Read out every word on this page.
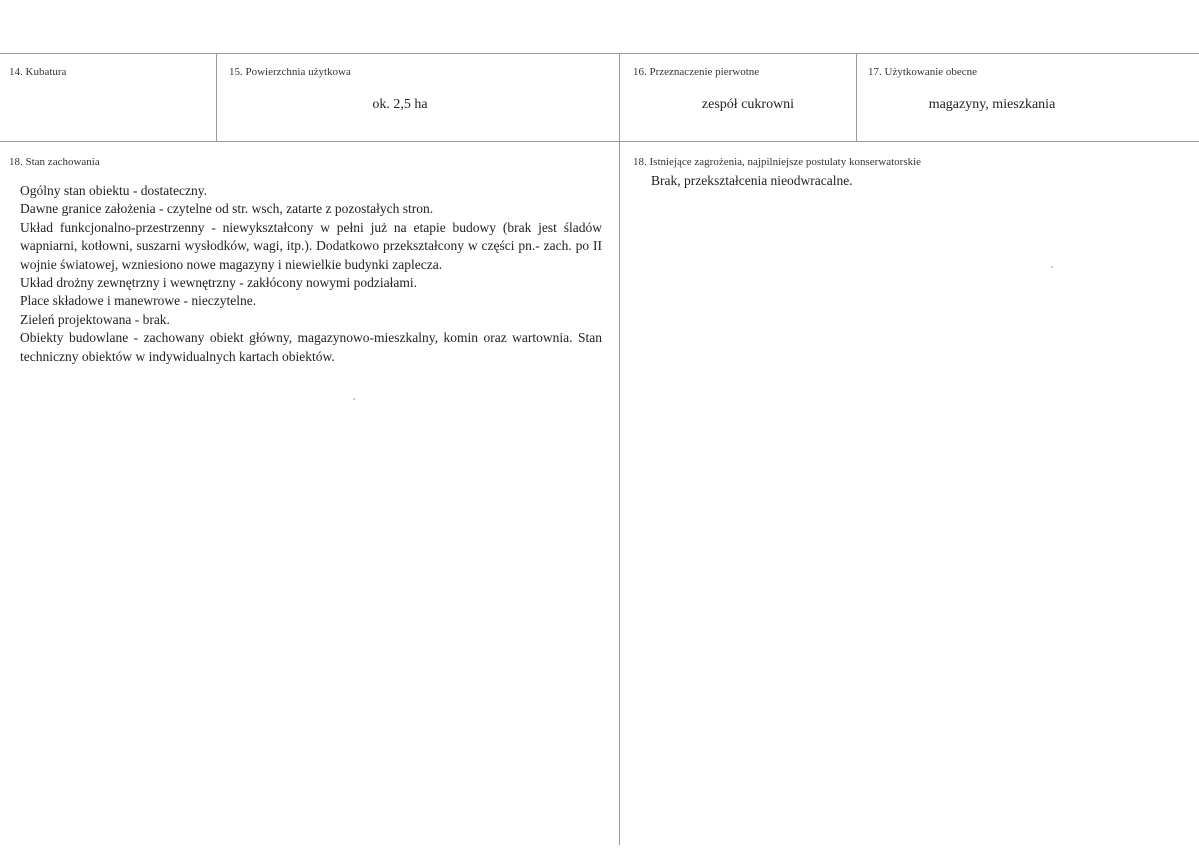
14. Kubatura	15. Powierzchnia użytkowa
ok. 2,5 ha
16. Przeznaczenie pierwotne
zespół cukrowni
17. Użytkowanie obecne
magazyny, mieszkania
18. Stan zachowania

Ogólny stan obiektu - dostateczny.

Dawne granice założenia - czytelne od str. wsch, zatarte z pozostałych stron.

Układ funkcjonalno-przestrzenny - niewykształcony w pełni już na etapie budowy (brak jest śladów wapniarni, kotłowni, suszarni wysłodków, wagi, itp.). Dodatkowo przekształcony w części pn.- zach. po II wojnie światowej, wzniesiono nowe magazyny i niewielkie budynki zaplecza.

Układ drożny zewnętrzny i wewnętrzny - zakłócony nowymi podziałami.

Place składowe i manewrowe - nieczytelne.

Zieleń projektowana - brak.

Obiekty budowlane - zachowany obiekt główny, magazynowo-mieszkalny, komin oraz wartownia. Stan techniczny obiektów w indywidualnych kartach obiektów.

18. Istniejące zagrożenia, najpilniejsze postulaty konserwatorskie
Brak, przekształcenia nieodwracalne.
